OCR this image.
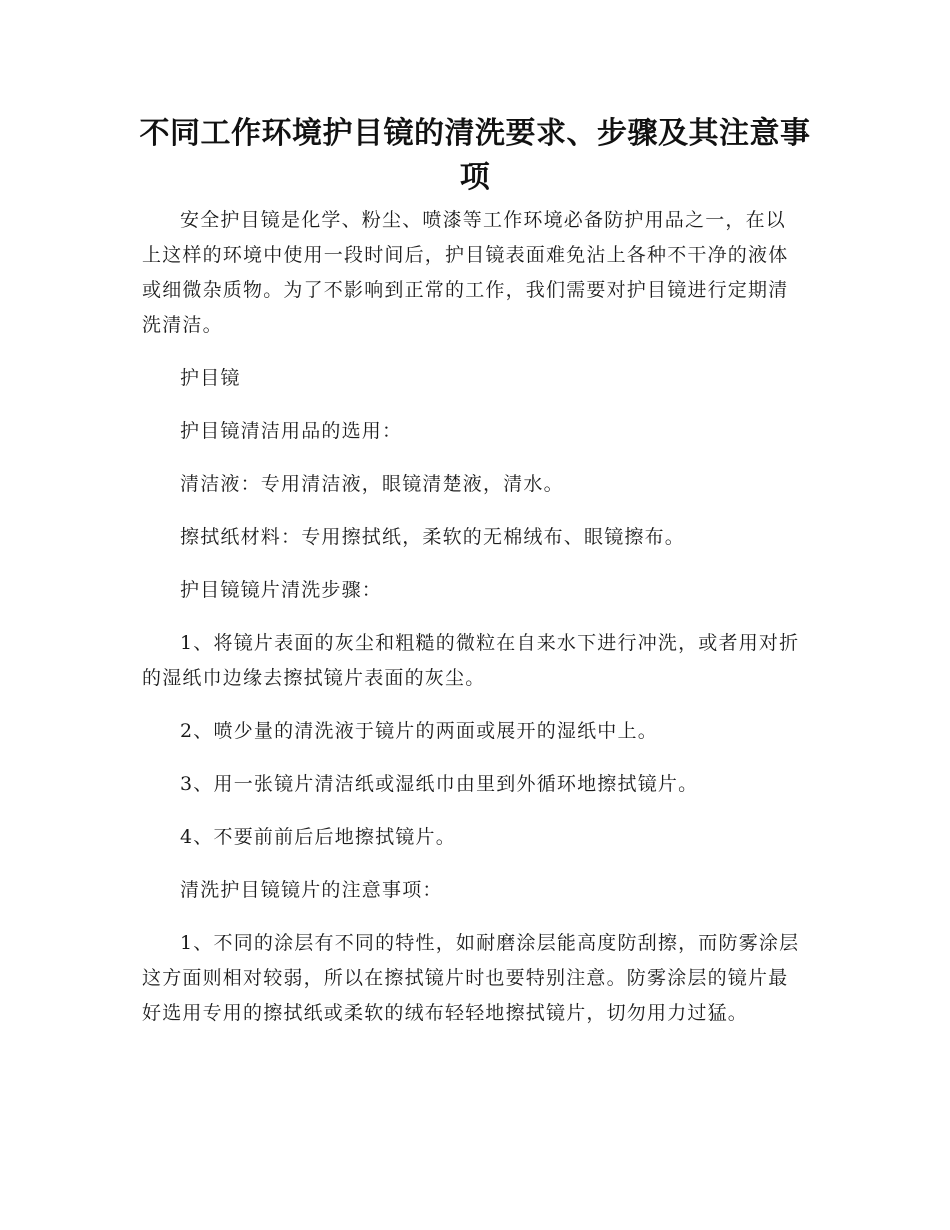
不同工作环境护目镜的清洗要求、步骤及其注意事项

安全护目镜是化学、粉尘、喷漆等工作环境必备防护用品之一，在以上这样的环境中使用一段时间后，护目镜表面难免沾上各种不干净的液体或细微杂质物。为了不影响到正常的工作，我们需要对护目镜进行定期清洗清洁。

护目镜

护目镜清洁用品的选用：

清洁液：专用清洁液，眼镜清楚液，清水。

擦拭纸材料：专用擦拭纸，柔软的无棉绒布、眼镜擦布。

护目镜镜片清洗步骤：

1、将镜片表面的灰尘和粗糙的微粒在自来水下进行冲洗，或者用对折的湿纸巾边缘去擦拭镜片表面的灰尘。

2、喷少量的清洗液于镜片的两面或展开的湿纸中上。

3、用一张镜片清洁纸或湿纸巾由里到外循环地擦拭镜片。

4、不要前前后后地擦拭镜片。

清洗护目镜镜片的注意事项：

1、不同的涂层有不同的特性，如耐磨涂层能高度防刮擦，而防雾涂层这方面则相对较弱，所以在擦拭镜片时也要特别注意。防雾涂层的镜片最好选用专用的擦拭纸或柔软的绒布轻轻地擦拭镜片，切勿用力过猛。
